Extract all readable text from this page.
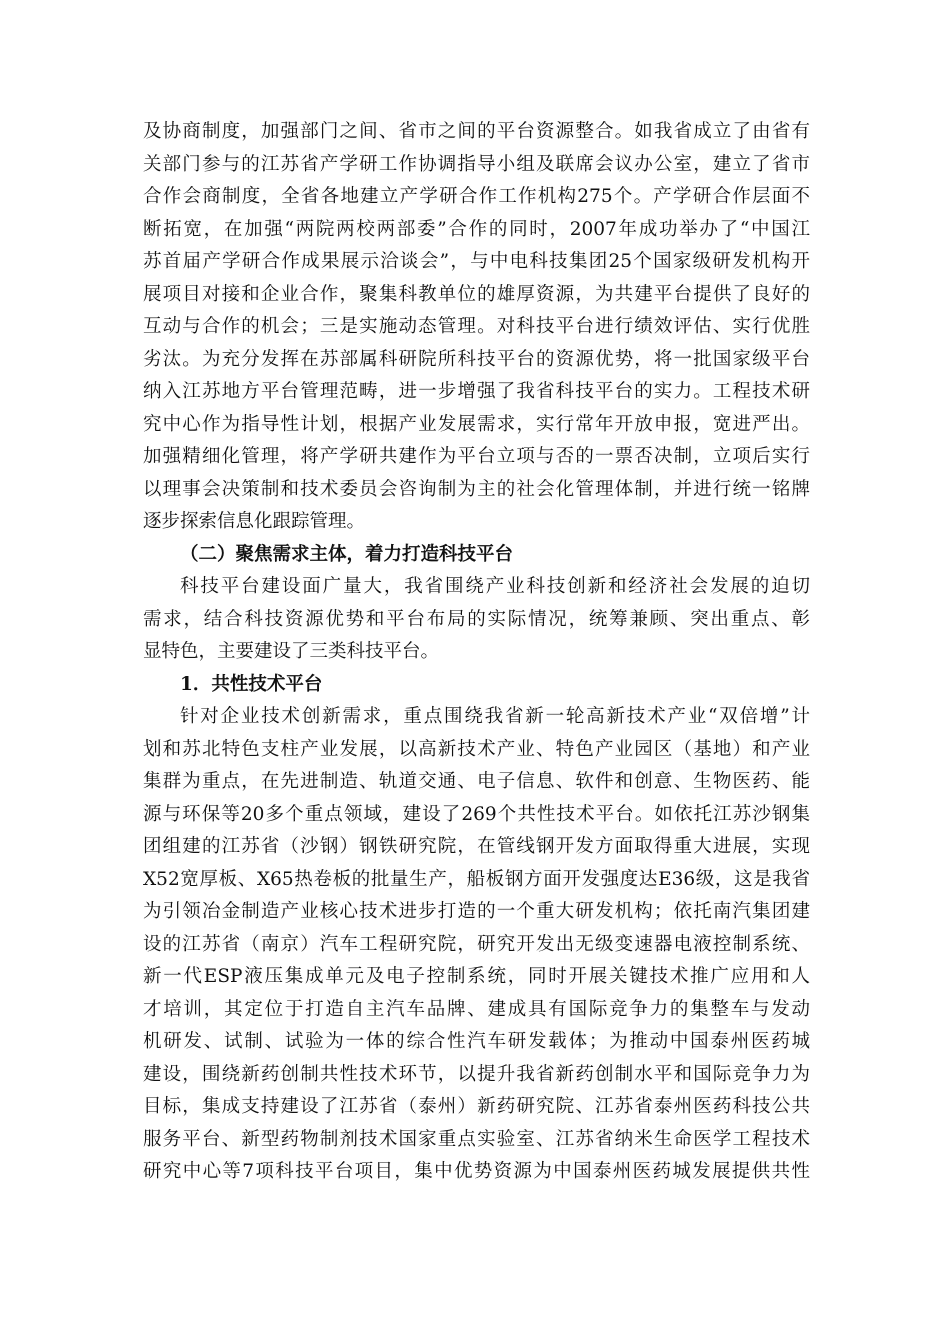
及协商制度，加强部门之间、省市之间的平台资源整合。如我省成立了由省有
关部门参与的江苏省产学研工作协调指导小组及联席会议办公室，建立了省市
合作会商制度，全省各地建立产学研合作工作机构275个。产学研合作层面不
断拓宽，在加强“两院两校两部委”合作的同时，2007年成功举办了“中国江
苏首届产学研合作成果展示洽谈会”，与中电科技集团25个国家级研发机构开
展项目对接和企业合作，聚集科教单位的雄厚资源，为共建平台提供了良好的
互动与合作的机会；三是实施动态管理。对科技平台进行绩效评估、实行优胜
劣汰。为充分发挥在苏部属科研院所科技平台的资源优势，将一批国家级平台
纳入江苏地方平台管理范畴，进一步增强了我省科技平台的实力。工程技术研
究中心作为指导性计划，根据产业发展需求，实行常年开放申报，宽进严出。
加强精细化管理，将产学研共建作为平台立项与否的一票否决制，立项后实行
以理事会决策制和技术委员会咨询制为主的社会化管理体制，并进行统一铭牌
逐步探索信息化跟踪管理。
（二）聚焦需求主体，着力打造科技平台
科技平台建设面广量大，我省围绕产业科技创新和经济社会发展的迫切
需求，结合科技资源优势和平台布局的实际情况，统筹兼顾、突出重点、彰
显特色，主要建设了三类科技平台。
1．共性技术平台
针对企业技术创新需求，重点围绕我省新一轮高新技术产业“双倍增”计
划和苏北特色支柱产业发展，以高新技术产业、特色产业园区（基地）和产业
集群为重点，在先进制造、轨道交通、电子信息、软件和创意、生物医药、能
源与环保等20多个重点领域，建设了269个共性技术平台。如依托江苏沙钢集
团组建的江苏省（沙钢）钢铁研究院，在管线钢开发方面取得重大进展，实现
X52宽厚板、X65热卷板的批量生产，船板钢方面开发强度达E36级，这是我省
为引领冶金制造产业核心技术进步打造的一个重大研发机构；依托南汽集团建
设的江苏省（南京）汽车工程研究院，研究开发出无级变速器电液控制系统、
新一代ESP液压集成单元及电子控制系统，同时开展关键技术推广应用和人
才培训，其定位于打造自主汽车品牌、建成具有国际竞争力的集整车与发动
机研发、试制、试验为一体的综合性汽车研发载体；为推动中国泰州医药城
建设，围绕新药创制共性技术环节，以提升我省新药创制水平和国际竞争力为
目标，集成支持建设了江苏省（泰州）新药研究院、江苏省泰州医药科技公共
服务平台、新型药物制剂技术国家重点实验室、江苏省纳米生命医学工程技术
研究中心等7项科技平台项目，集中优势资源为中国泰州医药城发展提供共性
